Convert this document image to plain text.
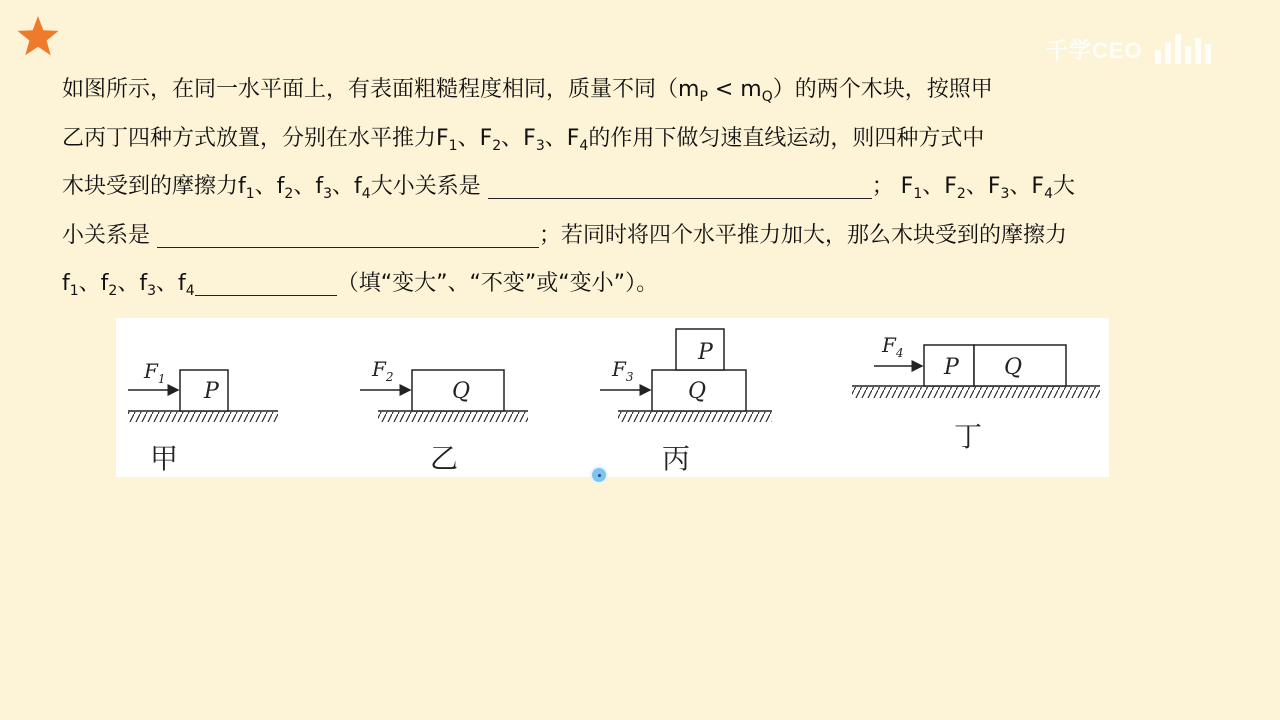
千学CEO
如图所示，在同一水平面上，有表面粗糙程度相同，质量不同$(m_P < m_Q)$的两个木块，按照甲
乙丙丁四种方式放置，分别在水平推力$F_1$、$F_2$、$F_3$、$F_4$的作用下做匀速直线运动，则四种方式中
木块受到的摩擦力$f_1$、$f_2$、$f_3$、$f_4$大小关系是	； $F_1$、$F_2$、$F_3$、$F_4$大
小关系是	；若同时将四个水平推力加大，那么木块受到的摩擦力
$f_1$、$f_2$、$f_3$、$f_4$	（填“变大”、“不变”或“变小”）。
P
$F_1$
甲
Q
$F_2$
乙
Q
P
$F_3$
丙
P Q
$F_4$
丁
